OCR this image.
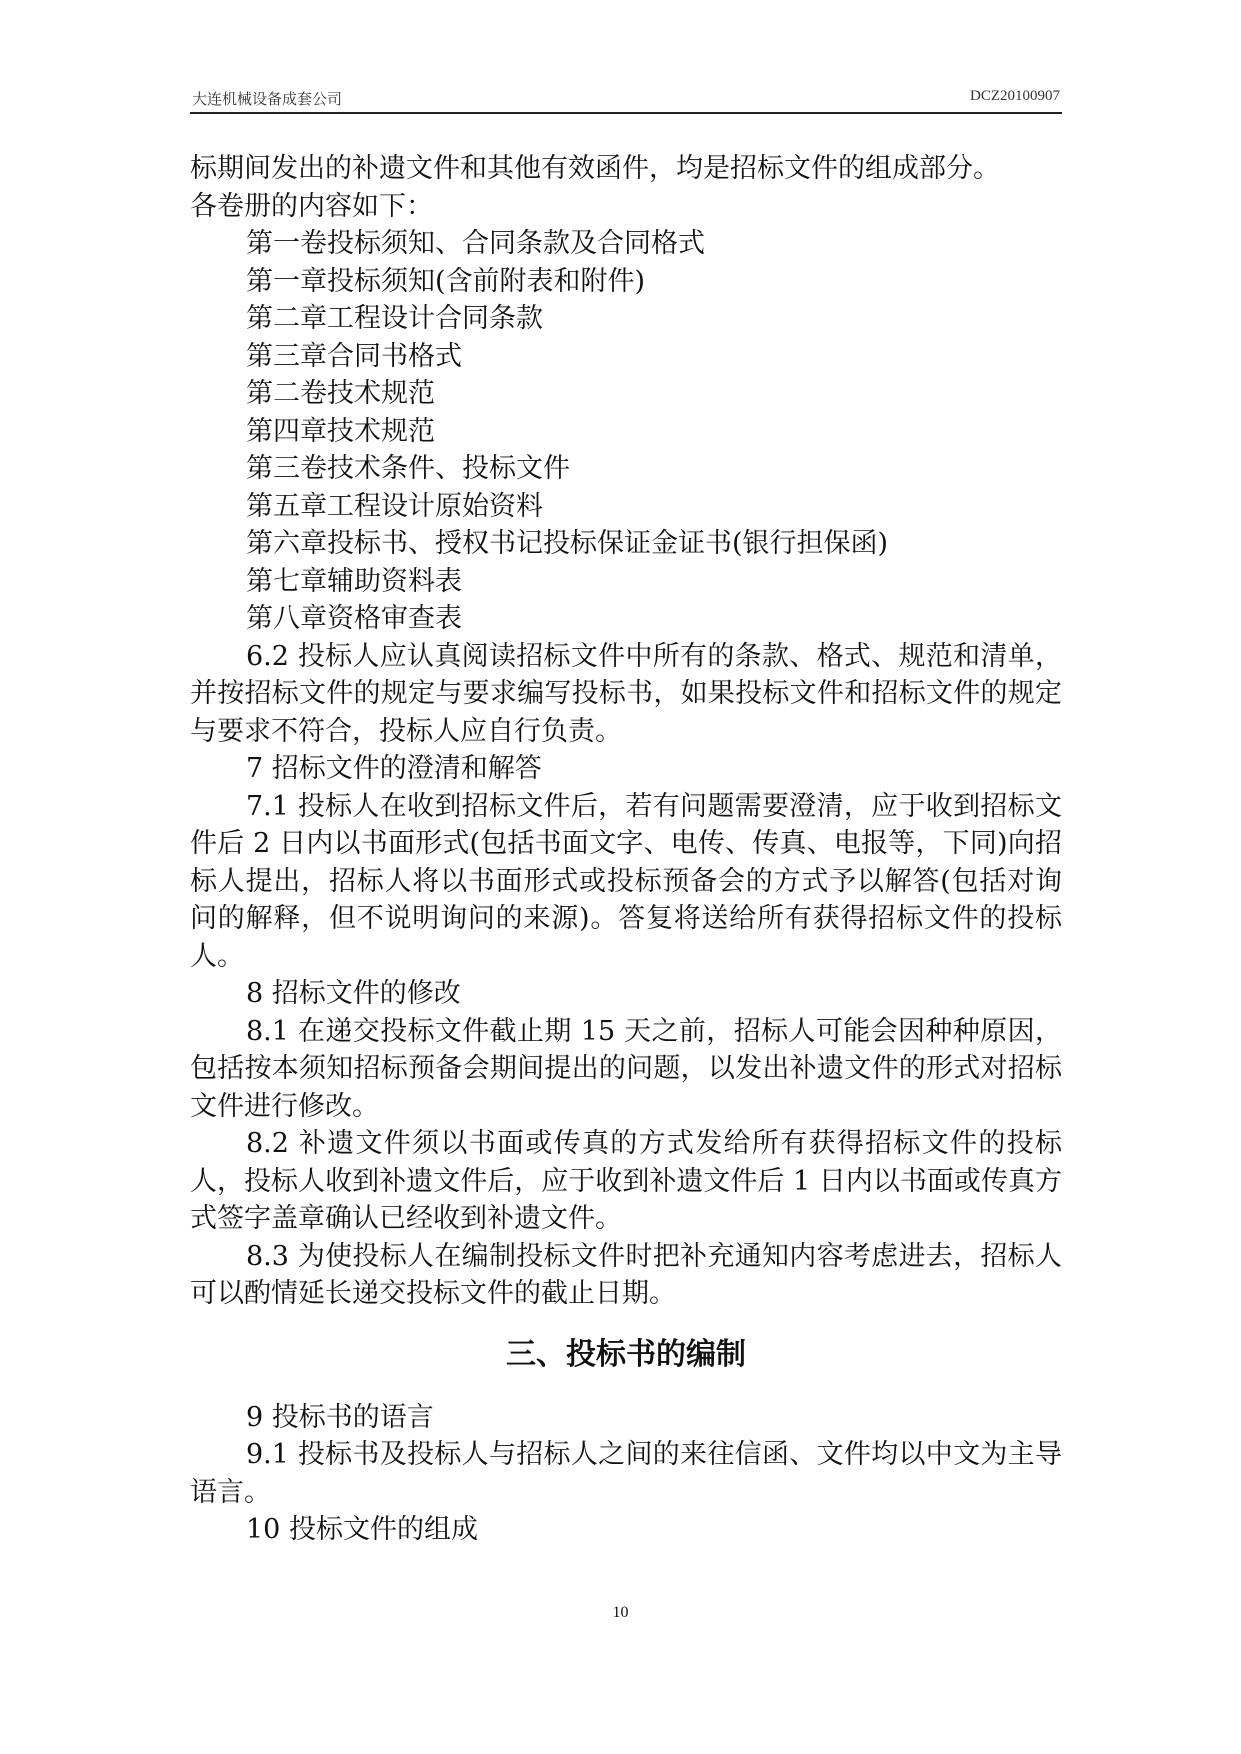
大连机械设备成套公司	DCZ20100907

标期间发出的补遗文件和其他有效函件，均是招标文件的组成部分。

各卷册的内容如下：

第一卷投标须知、合同条款及合同格式

第一章投标须知(含前附表和附件)

第二章工程设计合同条款

第三章合同书格式

第二卷技术规范

第四章技术规范

第三卷技术条件、投标文件

第五章工程设计原始资料

第六章投标书、授权书记投标保证金证书(银行担保函)

第七章辅助资料表

第八章资格审查表

6.2 投标人应认真阅读招标文件中所有的条款、格式、规范和清单，并按招标文件的规定与要求编写投标书，如果投标文件和招标文件的规定与要求不符合，投标人应自行负责。

7 招标文件的澄清和解答

7.1 投标人在收到招标文件后，若有问题需要澄清，应于收到招标文件后 2 日内以书面形式(包括书面文字、电传、传真、电报等，下同)向招标人提出，招标人将以书面形式或投标预备会的方式予以解答(包括对询问的解释，但不说明询问的来源)。答复将送给所有获得招标文件的投标人。

8 招标文件的修改

8.1 在递交投标文件截止期 15 天之前，招标人可能会因种种原因，包括按本须知招标预备会期间提出的问题，以发出补遗文件的形式对招标文件进行修改。

8.2 补遗文件须以书面或传真的方式发给所有获得招标文件的投标人，投标人收到补遗文件后，应于收到补遗文件后 1 日内以书面或传真方式签字盖章确认已经收到补遗文件。

8.3 为使投标人在编制投标文件时把补充通知内容考虑进去，招标人可以酌情延长递交投标文件的截止日期。

三、投标书的编制

9 投标书的语言

9.1 投标书及投标人与招标人之间的来往信函、文件均以中文为主导语言。

10 投标文件的组成

10
